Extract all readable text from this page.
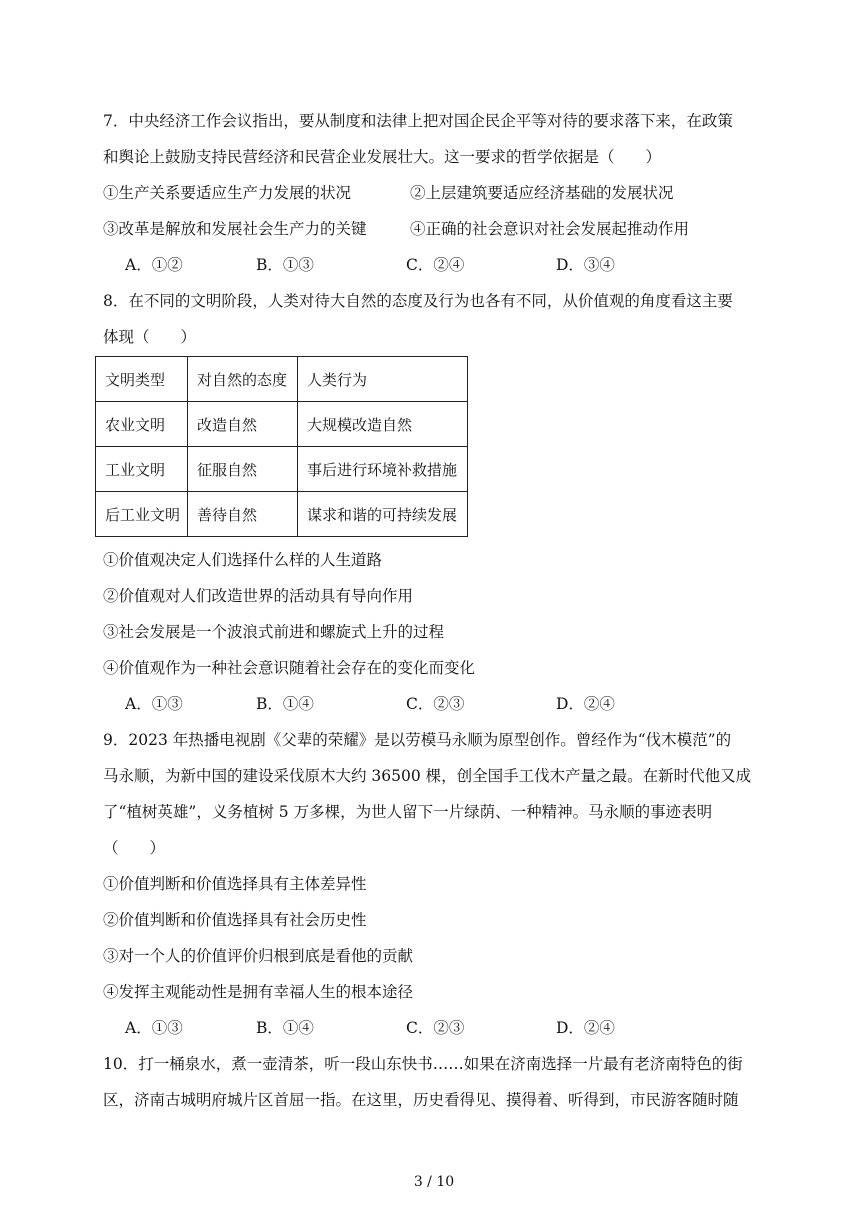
7．中央经济工作会议指出，要从制度和法律上把对国企民企平等对待的要求落下来，在政策
和舆论上鼓励支持民营经济和民营企业发展壮大。这一要求的哲学依据是（　　）
①生产关系要适应生产力发展的状况	②上层建筑要适应经济基础的发展状况
③改革是解放和发展社会生产力的关键	④正确的社会意识对社会发展起推动作用
A．①②	B．①③	C．②④	D．③④
8．在不同的文明阶段，人类对待大自然的态度及行为也各有不同，从价值观的角度看这主要
体现（　　）
文明类型	对自然的态度	人类行为
农业文明	改造自然	大规模改造自然
工业文明	征服自然	事后进行环境补救措施
后工业文明	善待自然	谋求和谐的可持续发展
①价值观决定人们选择什么样的人生道路
②价值观对人们改造世界的活动具有导向作用
③社会发展是一个波浪式前进和螺旋式上升的过程
④价值观作为一种社会意识随着社会存在的变化而变化
A．①③	B．①④	C．②③	D．②④
9．2023 年热播电视剧《父辈的荣耀》是以劳模马永顺为原型创作。曾经作为“伐木模范”的
马永顺，为新中国的建设采伐原木大约 36500 棵，创全国手工伐木产量之最。在新时代他又成
了“植树英雄”，义务植树 5 万多棵，为世人留下一片绿荫、一种精神。马永顺的事迹表明
（　　）
①价值判断和价值选择具有主体差异性
②价值判断和价值选择具有社会历史性
③对一个人的价值评价归根到底是看他的贡献
④发挥主观能动性是拥有幸福人生的根本途径
A．①③	B．①④	C．②③	D．②④
10．打一桶泉水，煮一壶清茶，听一段山东快书……如果在济南选择一片最有老济南特色的街
区，济南古城明府城片区首屈一指。在这里，历史看得见、摸得着、听得到，市民游客随时随
3 / 10
